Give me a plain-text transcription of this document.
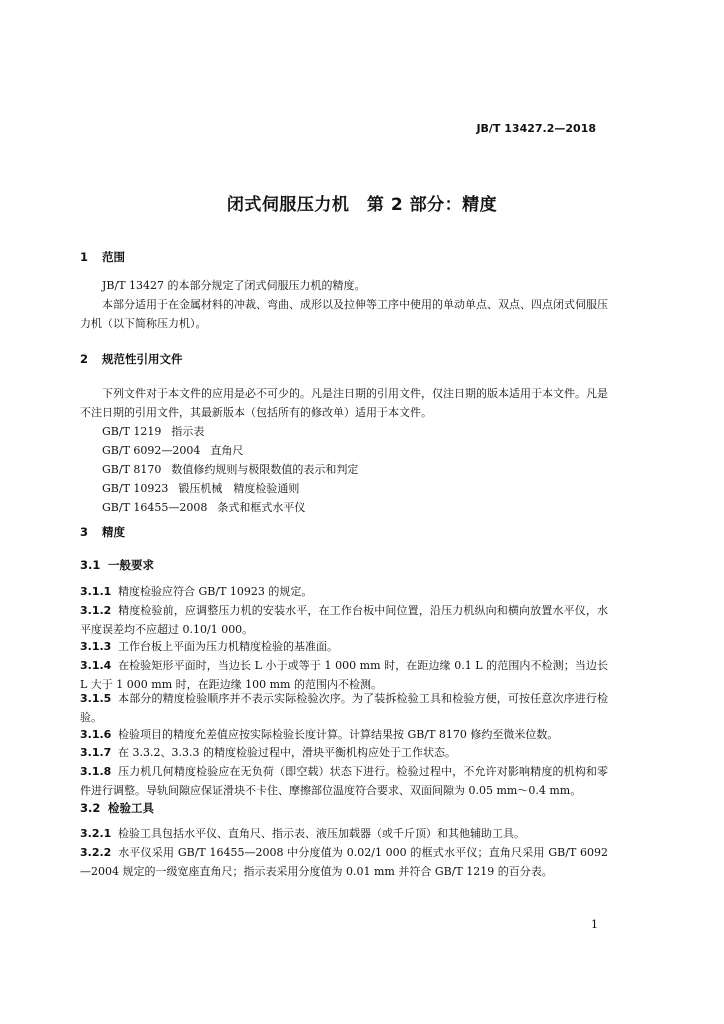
JB/T 13427.2—2018
闭式伺服压力机　第 2 部分：精度
1 范围
JB/T 13427 的本部分规定了闭式伺服压力机的精度。
本部分适用于在金属材料的冲裁、弯曲、成形以及拉伸等工序中使用的单动单点、双点、四点闭式伺服压力机（以下简称压力机）。
2 规范性引用文件
下列文件对于本文件的应用是必不可少的。凡是注日期的引用文件，仅注日期的版本适用于本文件。凡是不注日期的引用文件，其最新版本（包括所有的修改单）适用于本文件。
GB/T 1219 指示表
GB/T 6092—2004 直角尺
GB/T 8170 数值修约规则与极限数值的表示和判定
GB/T 10923 锻压机械　精度检验通则
GB/T 16455—2008 条式和框式水平仪
3 精度
3.1 一般要求
3.1.1 精度检验应符合 GB/T 10923 的规定。
3.1.2 精度检验前，应调整压力机的安装水平，在工作台板中间位置，沿压力机纵向和横向放置水平仪，水平度误差均不应超过 0.10/1 000。
3.1.3 工作台板上平面为压力机精度检验的基准面。
3.1.4 在检验矩形平面时，当边长 L 小于或等于 1 000 mm 时，在距边缘 0.1 L 的范围内不检测；当边长 L 大于 1 000 mm 时，在距边缘 100 mm 的范围内不检测。
3.1.5 本部分的精度检验顺序并不表示实际检验次序。为了装拆检验工具和检验方便，可按任意次序进行检验。
3.1.6 检验项目的精度允差值应按实际检验长度计算。计算结果按 GB/T 8170 修约至微米位数。
3.1.7 在 3.3.2、3.3.3 的精度检验过程中，滑块平衡机构应处于工作状态。
3.1.8 压力机几何精度检验应在无负荷（即空载）状态下进行。检验过程中，不允许对影响精度的机构和零件进行调整。导轨间隙应保证滑块不卡住、摩擦部位温度符合要求、双面间隙为 0.05 mm～0.4 mm。
3.2 检验工具
3.2.1 检验工具包括水平仪、直角尺、指示表、液压加载器（或千斤顶）和其他辅助工具。
3.2.2 水平仪采用 GB/T 16455—2008 中分度值为 0.02/1 000 的框式水平仪；直角尺采用 GB/T 6092—2004 规定的一级宽座直角尺；指示表采用分度值为 0.01 mm 并符合 GB/T 1219 的百分表。
1
